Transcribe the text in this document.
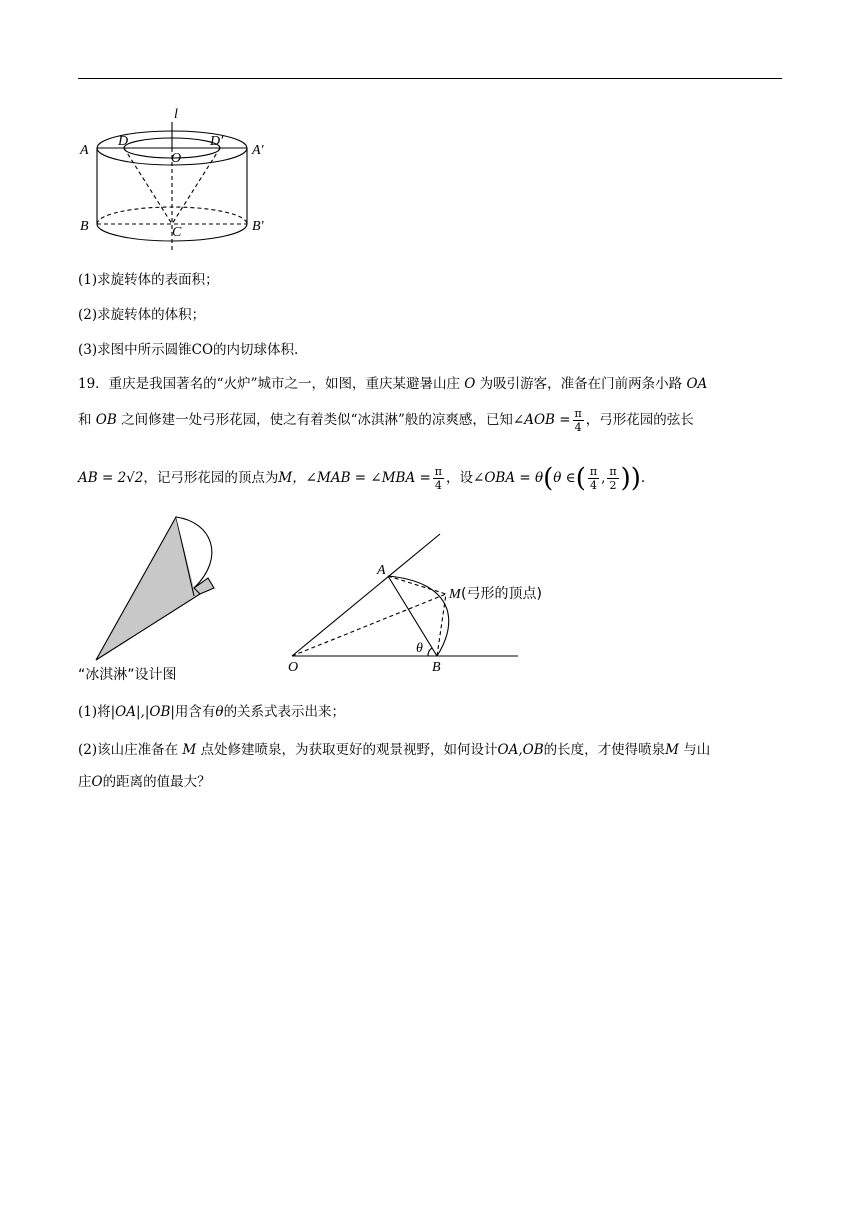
l
A
D
O
D′
A′
B	C	B′
(1)求旋转体的表面积；
(2)求旋转体的体积；
(3)求图中所示圆锥CO的内切球体积.
19．重庆是我国著名的“火炉”城市之一，如图，重庆某避暑山庄 O 为吸引游客，准备在门前两条小路 OA
和 OB 之间修建一处弓形花园，使之有着类似“冰淇淋”般的凉爽感，已知∠AOB = $\frac{\pi}{4}$ ，弓形花园的弦长
AB = 2√2，记弓形花园的顶点为M，∠MAB = ∠MBA = $\frac{\pi}{4}$ ，设∠OBA = θ(θ ∈( $\frac{\pi}{4}$ , $\frac{\pi}{2}$ )).
“冰淇淋”设计图
A
M (弓形的顶点)
θ
O	B
(1)将|OA|,|OB|用含有θ的关系式表示出来；
(2)该山庄准备在 M 点处修建喷泉，为获取更好的观景视野，如何设计OA,OB的长度，才使得喷泉M 与山
庄O的距离的值最大？
